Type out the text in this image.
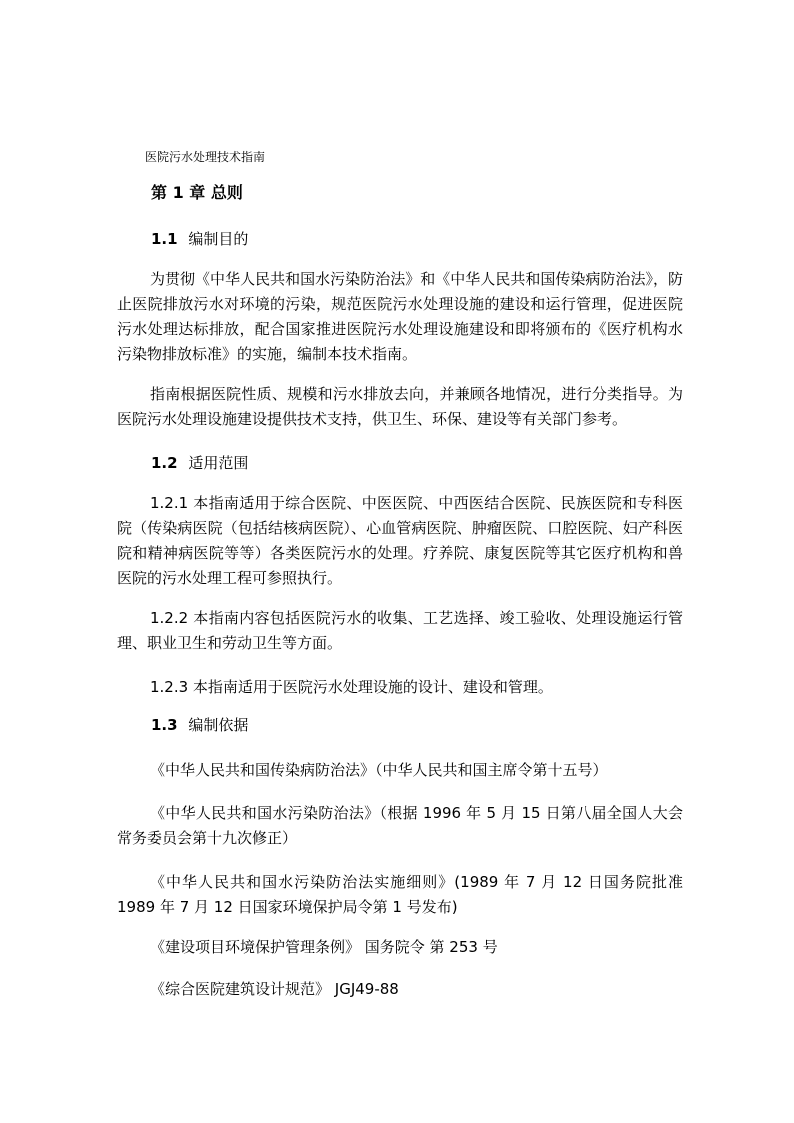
医院污水处理技术指南
第 1 章 总则
1.1 编制目的
为贯彻《中华人民共和国水污染防治法》和《中华人民共和国传染病防治法》，防止医院排放污水对环境的污染，规范医院污水处理设施的建设和运行管理，促进医院污水处理达标排放，配合国家推进医院污水处理设施建设和即将颁布的《医疗机构水污染物排放标准》的实施，编制本技术指南。
指南根据医院性质、规模和污水排放去向，并兼顾各地情况，进行分类指导。为医院污水处理设施建设提供技术支持，供卫生、环保、建设等有关部门参考。
1.2 适用范围
1.2.1 本指南适用于综合医院、中医医院、中西医结合医院、民族医院和专科医院（传染病医院（包括结核病医院）、心血管病医院、肿瘤医院、口腔医院、妇产科医院和精神病医院等等）各类医院污水的处理。疗养院、康复医院等其它医疗机构和兽医院的污水处理工程可参照执行。
1.2.2 本指南内容包括医院污水的收集、工艺选择、竣工验收、处理设施运行管理、职业卫生和劳动卫生等方面。
1.2.3 本指南适用于医院污水处理设施的设计、建设和管理。
1.3 编制依据
《中华人民共和国传染病防治法》（中华人民共和国主席令第十五号）
《中华人民共和国水污染防治法》（根据 1996 年 5 月 15 日第八届全国人大会常务委员会第十九次修正）
《中华人民共和国水污染防治法实施细则》(1989 年 7 月 12 日国务院批准 1989 年 7 月 12 日国家环境保护局令第 1 号发布)
《建设项目环境保护管理条例》 国务院令 第 253 号
《综合医院建筑设计规范》 JGJ49-88
